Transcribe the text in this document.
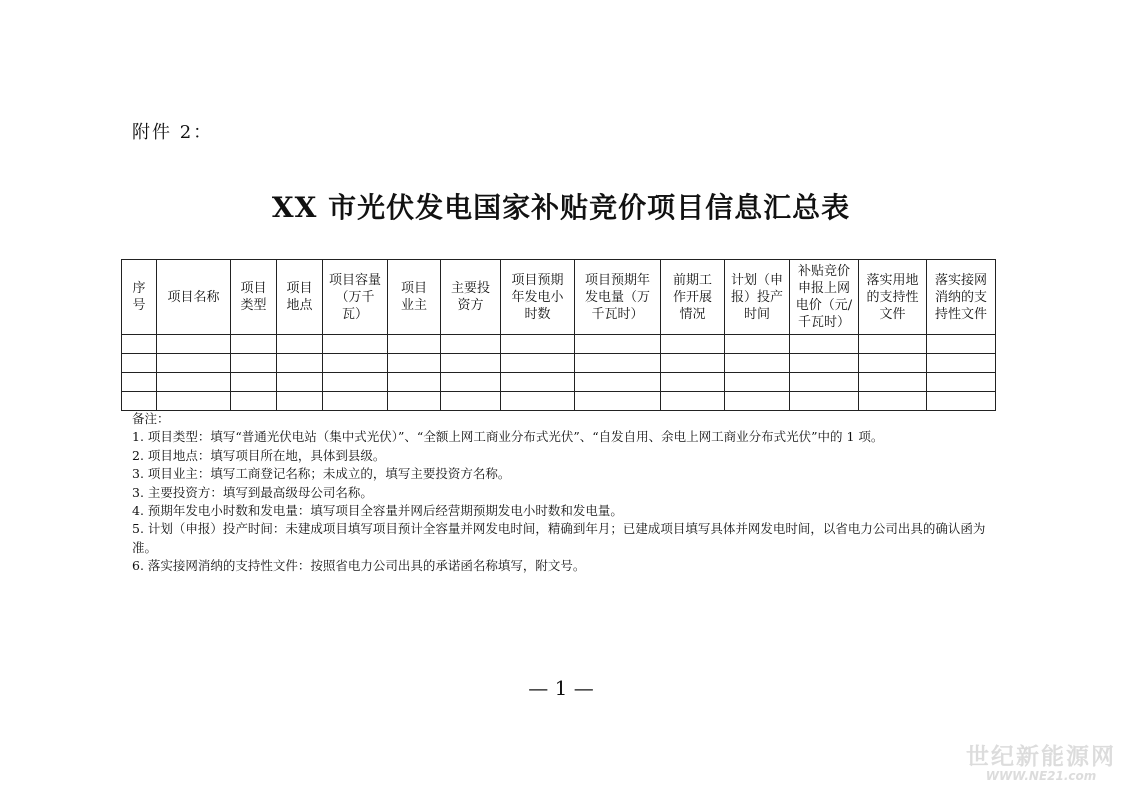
附件 2：
XX 市光伏发电国家补贴竞价项目信息汇总表
序号	项目名称	项目类型	项目地点	项目容量（万千瓦）	项目业主	主要投资方	项目预期年发电小时数	项目预期年发电量（万千瓦时）	前期工作开展情况	计划（申报）投产时间	补贴竞价申报上网电价（元/千瓦时）	落实用地的支持性文件	落实接网消纳的支持性文件

备注：

1. 项目类型：填写“普通光伏电站（集中式光伏）”、“全额上网工商业分布式光伏”、“自发自用、余电上网工商业分布式光伏”中的 1 项。

2. 项目地点：填写项目所在地，具体到县级。

3. 项目业主：填写工商登记名称；未成立的，填写主要投资方名称。

3. 主要投资方：填写到最高级母公司名称。

4. 预期年发电小时数和发电量：填写项目全容量并网后经营期预期发电小时数和发电量。

5. 计划（申报）投产时间：未建成项目填写项目预计全容量并网发电时间，精确到年月；已建成项目填写具体并网发电时间，以省电力公司出具的确认函为准。

6. 落实接网消纳的支持性文件：按照省电力公司出具的承诺函名称填写，附文号。

— 1 —
世纪新能源网
WWW.NE21.com
